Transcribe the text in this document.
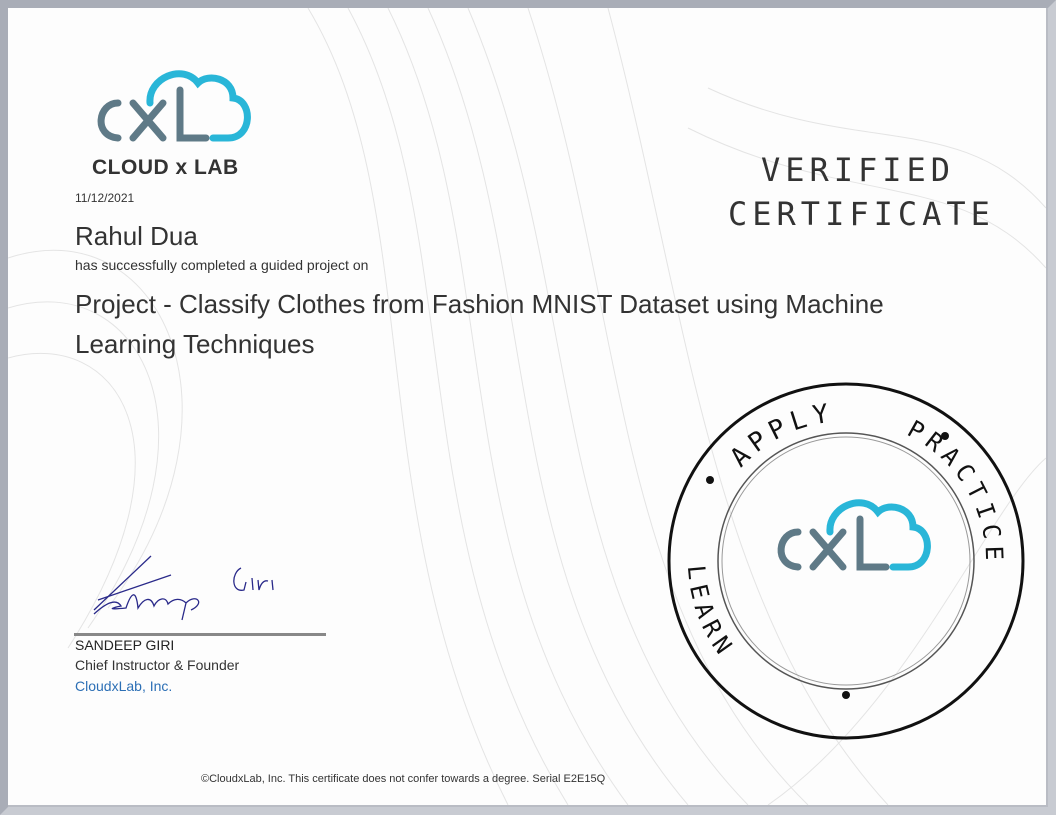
CLOUD x LAB
11/12/2021
Rahul Dua
has successfully completed a guided project on
Project - Classify Clothes from Fashion MNIST Dataset using Machine Learning Techniques
VERIFIED
CERTIFICATE
APPLY
LEARN
PRACTICE
SANDEEP GIRI
Chief Instructor & Founder
CloudxLab, Inc.
©CloudxLab, Inc. This certificate does not confer towards a degree. Serial E2E15Q
